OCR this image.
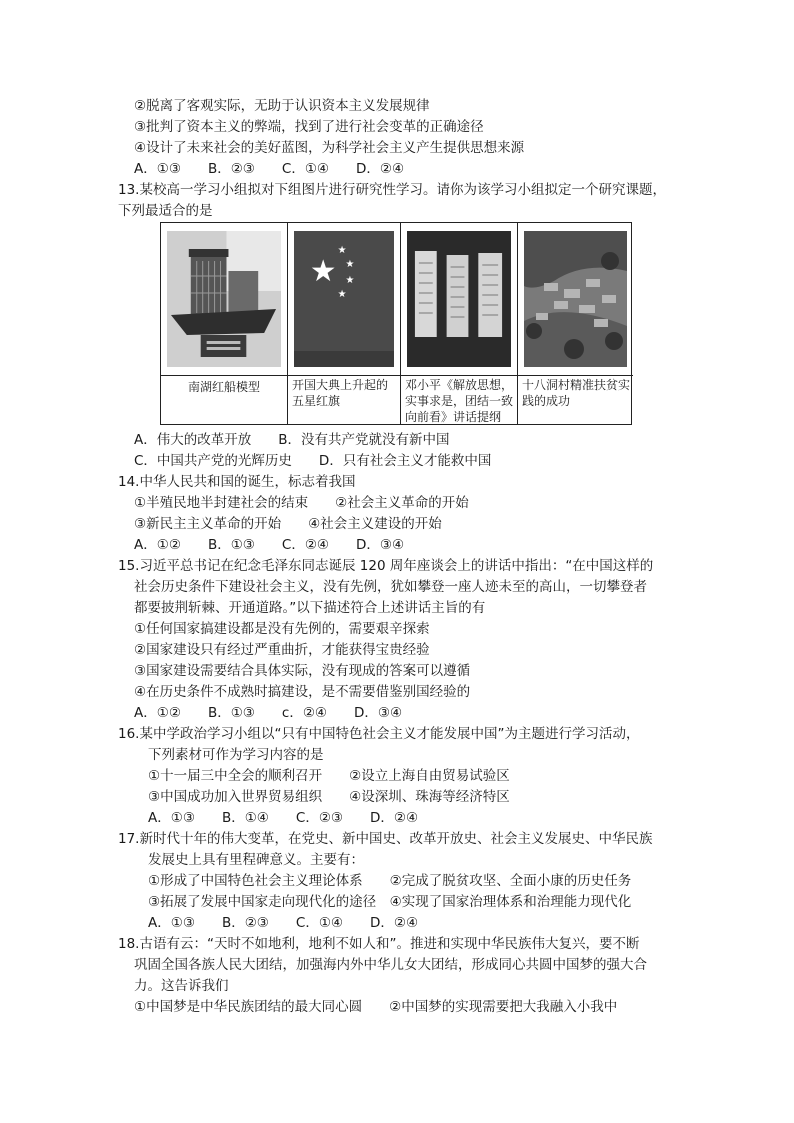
②脱离了客观实际，无助于认识资本主义发展规律
③批判了资本主义的弊端，找到了进行社会变革的正确途径
④设计了未来社会的美好蓝图，为科学社会主义产生提供思想来源
A．①③　　B．②③　　C．①④　　D．②④
13.某校高一学习小组拟对下组图片进行研究性学习。请你为该学习小组拟定一个研究课题，
下列最适合的是
南湖红船模型
★
★
★
★
★
开国大典上升起的五星红旗
邓小平《解放思想，实事求是，团结一致向前看》讲话提纲
十八洞村精准扶贫实践的成功
A．伟大的改革开放　　B．没有共产党就没有新中国
C．中国共产党的光辉历史　　D．只有社会主义才能救中国
14.中华人民共和国的诞生，标志着我国
①半殖民地半封建社会的结束　　②社会主义革命的开始
③新民主主义革命的开始　　④社会主义建设的开始
A．①②　　B．①③　　C．②④　　D．③④
15.习近平总书记在纪念毛泽东同志诞辰 120 周年座谈会上的讲话中指出：“在中国这样的
社会历史条件下建设社会主义，没有先例，犹如攀登一座人迹未至的高山，一切攀登者
都要披荆斩棘、开通道路。”以下描述符合上述讲话主旨的有
①任何国家搞建设都是没有先例的，需要艰辛探索
②国家建设只有经过严重曲折，才能获得宝贵经验
③国家建设需要结合具体实际，没有现成的答案可以遵循
④在历史条件不成熟时搞建设，是不需要借鉴别国经验的
A．①②　　B．①③　　c．②④　　D．③④
16.某中学政治学习小组以“只有中国特色社会主义才能发展中国”为主题进行学习活动，
下列素材可作为学习内容的是
①十一届三中全会的顺利召开　　②设立上海自由贸易试验区
③中国成功加入世界贸易组织　　④设深圳、珠海等经济特区
A．①③　　B．①④　　C．②③　　D．②④
17.新时代十年的伟大变革，在党史、新中国史、改革开放史、社会主义发展史、中华民族
发展史上具有里程碑意义。主要有：
①形成了中国特色社会主义理论体系　　②完成了脱贫攻坚、全面小康的历史任务
③拓展了发展中国家走向现代化的途径　④实现了国家治理体系和治理能力现代化
A．①③　　B．②③　　C．①④　　D．②④
18.古语有云：“天时不如地利，地利不如人和”。推进和实现中华民族伟大复兴，要不断
巩固全国各族人民大团结，加强海内外中华儿女大团结，形成同心共圆中国梦的强大合
力。这告诉我们
①中国梦是中华民族团结的最大同心圆　　②中国梦的实现需要把大我融入小我中
